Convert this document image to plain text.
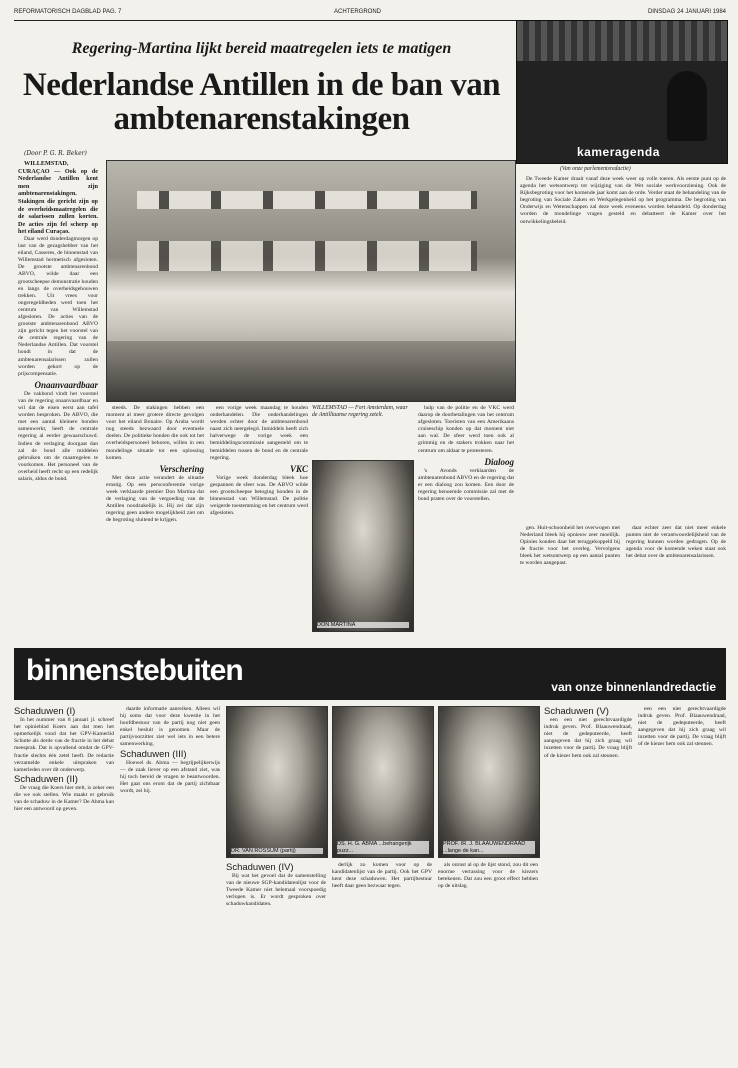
REFORMATORISCH DAGBLAD PAG. 7	ACHTERGROND	DINSDAG 24 JANUARI 1984
Regering-Martina lijkt bereid maatregelen iets te matigen
Nederlandse Antillen in de ban van ambtenarenstakingen
(Door P. G. R. Beker)

WILLEMSTAD, CURAÇAO — Ook op de Nederlandse Antillen kent men zijn ambtenarenstakingen. Stakingen die gericht zijn op de overheidsmaatregelen die de salarissen zullen korten. De acties zijn fel scherp op het eiland Curaçao.

Daar werd donderdagmorgen op last van de gezagshebber van het eiland, Casseres, de binnenstad van Willemstad hermetisch afgesloten. De grootste ambtenarenbond ABVO, wilde daar een grootscheepse demonstratie houden en langs de overheidsgebouwen trekken. Uit vrees voor ongeregeldheden werd toen het centrum van Willemstad afgesloten. De acties van de grootste ambtenarenbond ABVO zijn gericht tegen het voorstel van de centrale regering van de Nederlandse Antillen. Dat voorstel houdt in dat de ambtenarensalarissen zullen worden gekort op de prijscompensatie.

Onaanvaardbaar

De vakbond vindt het voorstel van de regering onaanvaardbaar en wil dat de eisen eerst aan tafel worden besproken. De ABVO, die met een aantal kleinere bonden samenwerkt, heeft de centrale regering al eerder gewaarschuwd. Indien de verlaging doorgaat dan zal de bond alle middelen gebruiken om de maatregelen te voorkomen. Het personeel van de overheid heeft recht op een redelijk salaris, aldus de bond.

steeds. De stakingen hebben een moment al meer grotere directe gevolgen voor het eiland Bonaire. Op Aruba wordt nog steeds bezwaard door eventuele doelen. De politieke bonden die ook tot het overheidspersoneel behoren, willen in een mondelinge situatie tot een oplossing komen.

Verschering

Met deze actie verandert de situatie ernstig. Op een persconferentie vorige week verklaarde premier Don Martina dat de verlaging van de vergoeding van de Antillen noodzakelijk is. Hij zei dat zijn regering geen andere mogelijkheid ziet om de begroting sluitend te krijgen.

een vorige week maandag te houden onderhandelen. Die onderhandelingen werden echter door de ambtenarenbond naast zich neergelegd. Inmiddels heeft zich halverwege de vorige week een bemiddelingscommissie aangesteld om te bemiddelen tussen de bond en de centrale regering.

VKC

Vorige week donderdag bleek hoe gespannen de sfeer was. De ABVO wilde een grootscheepse betoging houden in de binnenstad van Willemstad. De politie weigerde toestemming en het centrum werd afgesloten.

WILLEMSTAD — Fort Amsterdam, waar de Antilliaanse regering zetelt.
DON MARTINA

hulp van de politie en de VKC werd daarop de doorbetalingen van het centrum afgesloten. Toeristen van een Amerikaans cruiseschip konden op dat moment niet aan wal. De sfeer werd toen ook al grimmig en de stakers trokken naar het centrum om aldaar te protesteren.

Dialoog

's Avonds verklaarden de ambtenarenbond ABVO en de regering dat er een dialoog zou komen. Een door de regering benoemde commissie zal met de bond praten over de voorstellen.

kameragenda
(Van onze parlementsredactie)

De Tweede Kamer draait vanaf deze week weer op volle toeren. Als eerste punt op de agenda het wetsontwerp tot wijziging van de Wet sociale werkvoorziening. Ook de Rijksbegroting voor het komende jaar komt aan de orde. Verder staat de behandeling van de begroting van Sociale Zaken en Werkgelegenheid op het programma. De begroting van Onderwijs en Wetenschappen zal deze week eveneens worden behandeld. Op donderdag worden de mondelinge vragen gesteld en debatteert de Kamer over het ontwikkelingsbeleid.

gen. Huit-schoonheid het overwogen met Nederland bleek hij opnieuw zeer moeilijk. Opinies konden daar het teruggekoppeld bij de fractie voor het overleg. Vervolgens bleek het wetsontwerp op een aantal punten te worden aangepast.

daar echter zeer dat niet meer enkele punten niet de verantwoordelijkheid van de regering kunnen worden gedragen. Op de agenda voor de komende weken staat ook het debat over de ambtenarensalarissen.

binnenstebuiten	van onze binnenlandredactie
Schaduwen (I)

In het nummer van 8 januari jl. schreef het opinieblad Koers aan dat men het opmerkelijk vond dat het GPV-Kamerlid Schutte als derde van de fractie in het debat meesprak. Dat is opvallend omdat de GPV-fractie slechts één zetel heeft. De redactie verzamelde enkele uitspraken van kamerleden over dit onderwerp.

Schaduwen (II)

De vraag die Koers hier stelt, is zeker een die we ook stellen. Wie maakt er gebruik van de schaduw in de Kamer? De Abma kan hier een antwoord op geven.

daarde informatie aanreiken. Alleen wil hij soms dat voor deze kwestie in het hoofdbestuur van de partij nog niet geen enkel besluit is genomen. Maar de partijvoorzitter ziet wel iets in een betere samenwerking.

Schaduwen (III)

Hoewel ds. Abma — begrijpelijkerwijs — de zaak liever op een afstand ziet, was hij toch bereid de vragen te beantwoorden. Het gaat ons erom dat de partij zichtbaar wordt, zei hij.

DR. VAN ROSSUM (partij)
DS. H. G. ABMA ...behangerijk puzz...
PROF. IR. J. BLAAUWENDRAAD ...lange de kan...
Schaduwen (IV)

Bij wat het gevoel dat de samenstelling van de nieuwe SGP-kandidatenlijst voor de Tweede Kamer niet helemaal voorspoedig verlopen is. Er wordt gesproken over schaduwkandidaten.

derlijk zo komen voor op de kandidatenlijst van de partij. Ook het GPV kent deze schaduwen. Het partijbestuur heeft daar geen bezwaar tegen.

als onrust al op de lijst stond, zou dit een enorme verrassing voor de kiezers betekenen. Dat zou een groot effect hebben op de uitslag.

Schaduwen (V)

een een niet gerechtvaardigde indruk geven. Prof. Blaauwendraad, niet de gedeputeerde, heeft aangegeven dat hij zich graag wil inzetten voor de partij. De vraag blijft of de kiezer hem ook zal steunen.

een een niet gerechtvaardigde indruk geven. Prof. Blaauwendraad, niet de gedeputeerde, heeft aangegeven dat hij zich graag wil inzetten voor de partij. De vraag blijft of de kiezer hem ook zal steunen.
